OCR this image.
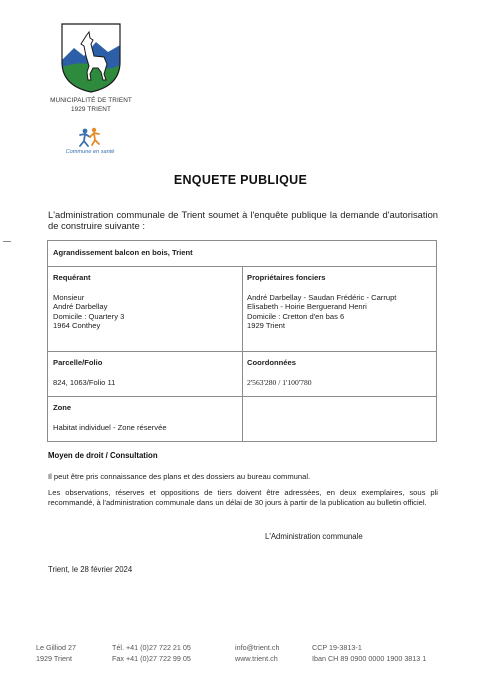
MUNICIPALITÉ DE TRIENT
1929 TRIENT
Commune en santé
ENQUETE PUBLIQUE
L'administration communale de Trient soumet à l'enquête publique la demande d'autorisation de construire suivante :
Agrandissement balcon en bois, Trient
Requérant
Monsieur
André Darbellay
Domicile : Quartery 3
1964 Conthey
Propriétaires fonciers
André Darbellay - Saudan Frédéric - Carrupt
Elisabeth - Hoirie Berguerand Henri
Domicile : Cretton d'en bas 6
1929 Trient
Parcelle/Folio
824, 1063/Folio 11
Coordonnées
2'563'280 / 1'100'780
Zone
Habitat individuel - Zone réservée
Moyen de droit / Consultation
Il peut être pris connaissance des plans et des dossiers au bureau communal.
Les observations, réserves et oppositions de tiers doivent être adressées, en deux exemplaires, sous pli recommandé, à l'administration communale dans un délai de 30 jours à partir de la publication au bulletin officiel.
L'Administration communale
Trient, le 28 février 2024
Le Gilliod 27
1929 Trient
Tél. +41 (0)27 722 21 05
Fax +41 (0)27 722 99 05
info@trient.ch
www.trient.ch
CCP 19-3813-1
Iban CH 89 0900 0000 1900 3813 1
